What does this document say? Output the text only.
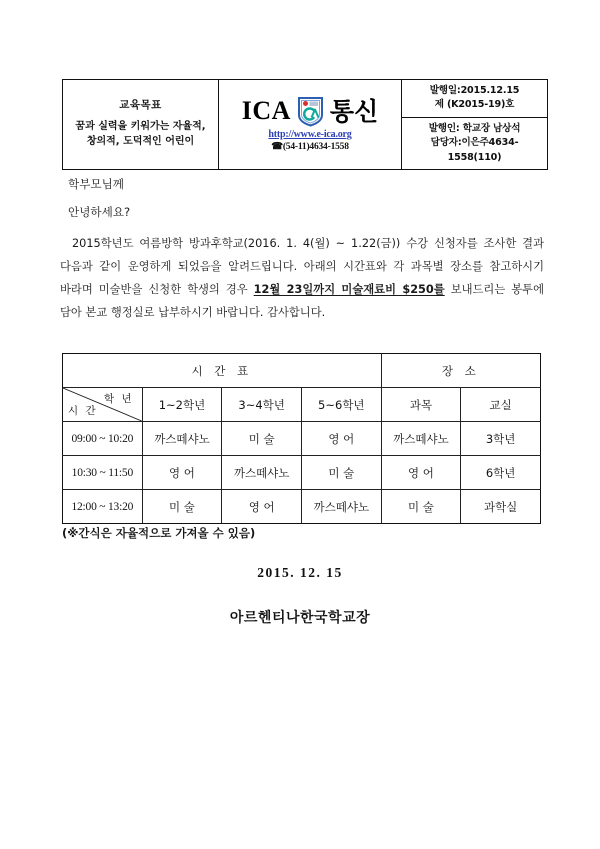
교육목표
꿈과 실력을 키워가는 자율적,
창의적, 도덕적인 어린이

ICA 통신
http://www.e-ica.org
☎(54-11)4634-1558

발행일:2015.12.15
제 (K2015-19)호
발행인: 학교장 남상석
담당자:이은주4634-1558(110)
학부모님께
안녕하세요?

2015학년도 여름방학 방과후학교(2016. 1. 4(월) ~ 1.22(금)) 수강 신청자를 조사한 결과 다음과 같이 운영하게 되었음을 알려드립니다. 아래의 시간표와 각 과목별 장소를 참고하시기 바라며 미술반을 신청한 학생의 경우 12월 23일까지 미술재료비 $250를 보내드리는 봉투에 담아 본교 행정실로 납부하시기 바랍니다. 감사합니다.

시 간 표				장 소	

학 년
시 간	1~2학년	3~4학년	5~6학년	과목	교실
09:00 ~ 10:20	까스떼샤노	미 술	영 어	까스떼샤노	3학년
10:30 ~ 11:50	영 어	까스떼샤노	미 술	영 어	6학년
12:00 ~ 13:20	미 술	영 어	까스떼샤노	미 술	과학실
(※간식은 자율적으로 가져올 수 있음)
2015. 12. 15
아르헨티나한국학교장
